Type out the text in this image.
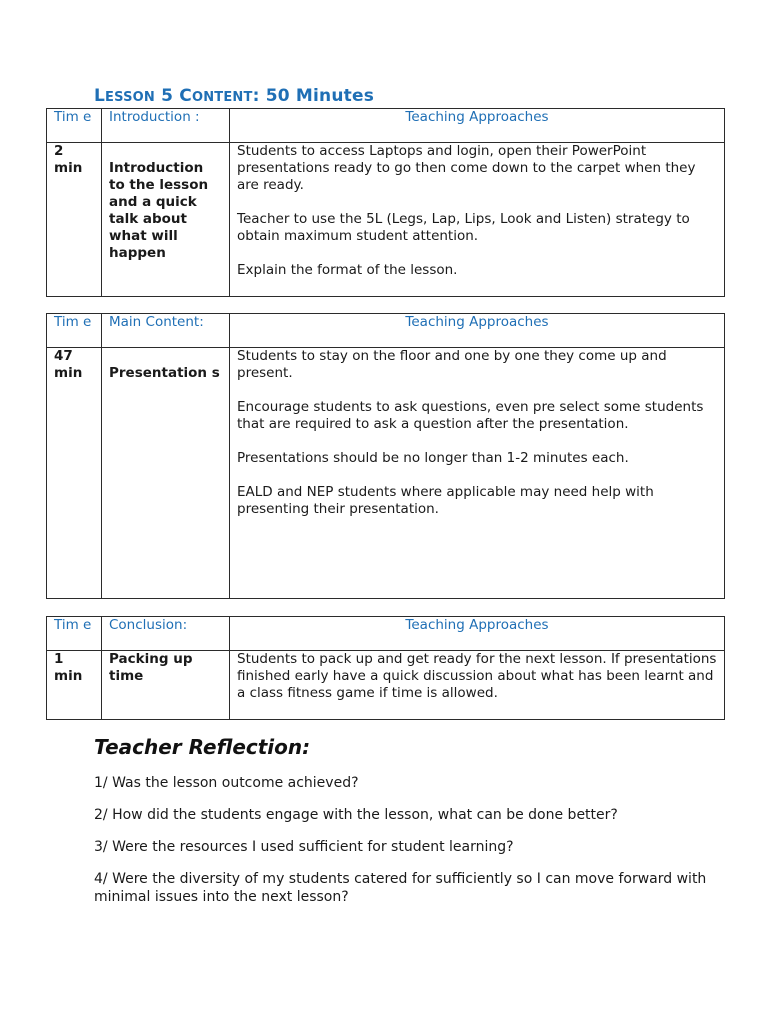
LESSON 5 CONTENT: 50 Minutes
Tim e	Introduction :	Teaching Approaches
2 min	Introduction to the lesson and a quick talk about what will happen	Students to access Laptops and login, open their PowerPoint presentations ready to go then come down to the carpet when they are ready.

Teacher to use the 5L (Legs, Lap, Lips, Look and Listen) strategy to obtain maximum student attention.

Explain the format of the lesson.

Tim e	Main Content:	Teaching Approaches
47 min	Presentation s	Students to stay on the floor and one by one they come up and present.

Encourage students to ask questions, even pre select some students that are required to ask a question after the presentation.

Presentations should be no longer than 1-2 minutes each.

EALD and NEP students where applicable may need help with presenting their presentation.

Tim e	Conclusion:	Teaching Approaches
1 min	Packing up time	Students to pack up and get ready for the next lesson. If presentations finished early have a quick discussion about what has been learnt and a class fitness game if time is allowed.

Teacher Reflection:
1/ Was the lesson outcome achieved?
2/ How did the students engage with the lesson, what can be done better?
3/ Were the resources I used sufficient for student learning?
4/ Were the diversity of my students catered for sufficiently so I can move forward with minimal issues into the next lesson?
